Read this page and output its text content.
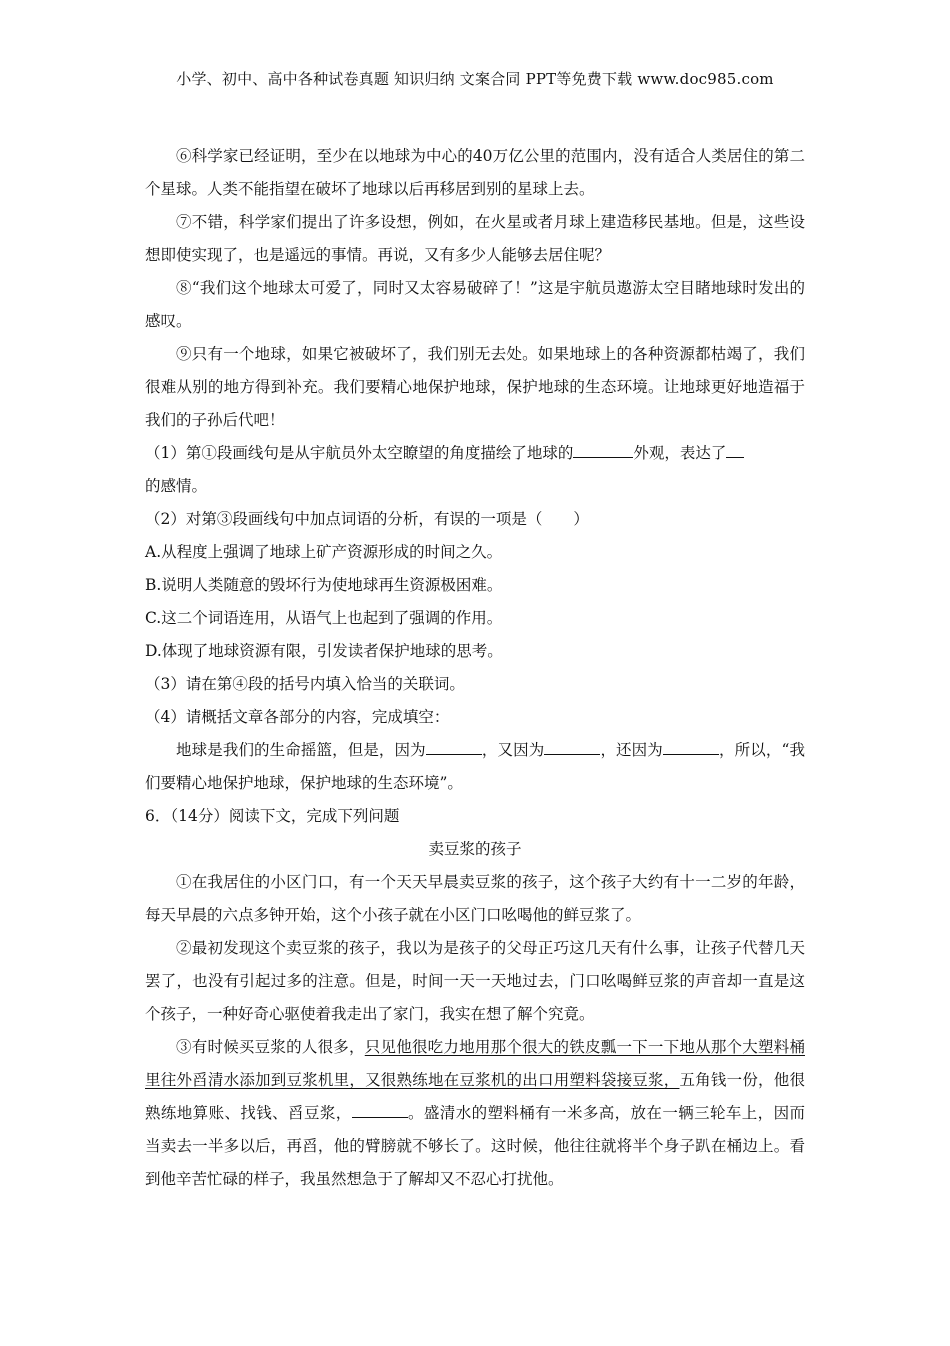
小学、初中、高中各种试卷真题 知识归纳 文案合同 PPT等免费下载 www.doc985.com

⑥科学家已经证明，至少在以地球为中心的40万亿公里的范围内，没有适合人类居住的第二个星球。人类不能指望在破坏了地球以后再移居到别的星球上去。

⑦不错，科学家们提出了许多设想，例如，在火星或者月球上建造移民基地。但是，这些设想即使实现了，也是遥远的事情。再说，又有多少人能够去居住呢？

⑧“我们这个地球太可爱了，同时又太容易破碎了！”这是宇航员遨游太空目睹地球时发出的感叹。

⑨只有一个地球，如果它被破坏了，我们别无去处。如果地球上的各种资源都枯竭了，我们很难从别的地方得到补充。我们要精心地保护地球，保护地球的生态环境。让地球更好地造福于我们的子孙后代吧！

（1）第①段画线句是从宇航员外太空瞭望的角度描绘了地球的	外观，表达了
的感情。

（2）对第③段画线句中加点词语的分析，有误的一项是（　　）

A.从程度上强调了地球上矿产资源形成的时间之久。

B.说明人类随意的毁坏行为使地球再生资源极困难。

C.这二个词语连用，从语气上也起到了强调的作用。

D.体现了地球资源有限，引发读者保护地球的思考。

（3）请在第④段的括号内填入恰当的关联词。

（4）请概括文章各部分的内容，完成填空：

地球是我们的生命摇篮，但是，因为	，又因为	，还因为	，所以，“我们要精心地保护地球，保护地球的生态环境”。

6．（14分）阅读下文，完成下列问题

卖豆浆的孩子

①在我居住的小区门口，有一个天天早晨卖豆浆的孩子，这个孩子大约有十一二岁的年龄，每天早晨的六点多钟开始，这个小孩子就在小区门口吆喝他的鲜豆浆了。

②最初发现这个卖豆浆的孩子，我以为是孩子的父母正巧这几天有什么事，让孩子代替几天罢了，也没有引起过多的注意。但是，时间一天一天地过去，门口吆喝鲜豆浆的声音却一直是这个孩子，一种好奇心驱使着我走出了家门，我实在想了解个究竟。

③有时候买豆浆的人很多，只见他很吃力地用那个很大的铁皮瓢一下一下地从那个大塑料桶里往外舀清水添加到豆浆机里，又很熟练地在豆浆机的出口用塑料袋接豆浆，五角钱一份，他很熟练地算账、找钱、舀豆浆，	。盛清水的塑料桶有一米多高，放在一辆三轮车上，因而当卖去一半多以后，再舀，他的臂膀就不够长了。这时候，他往往就将半个身子趴在桶边上。看到他辛苦忙碌的样子，我虽然想急于了解却又不忍心打扰他。
